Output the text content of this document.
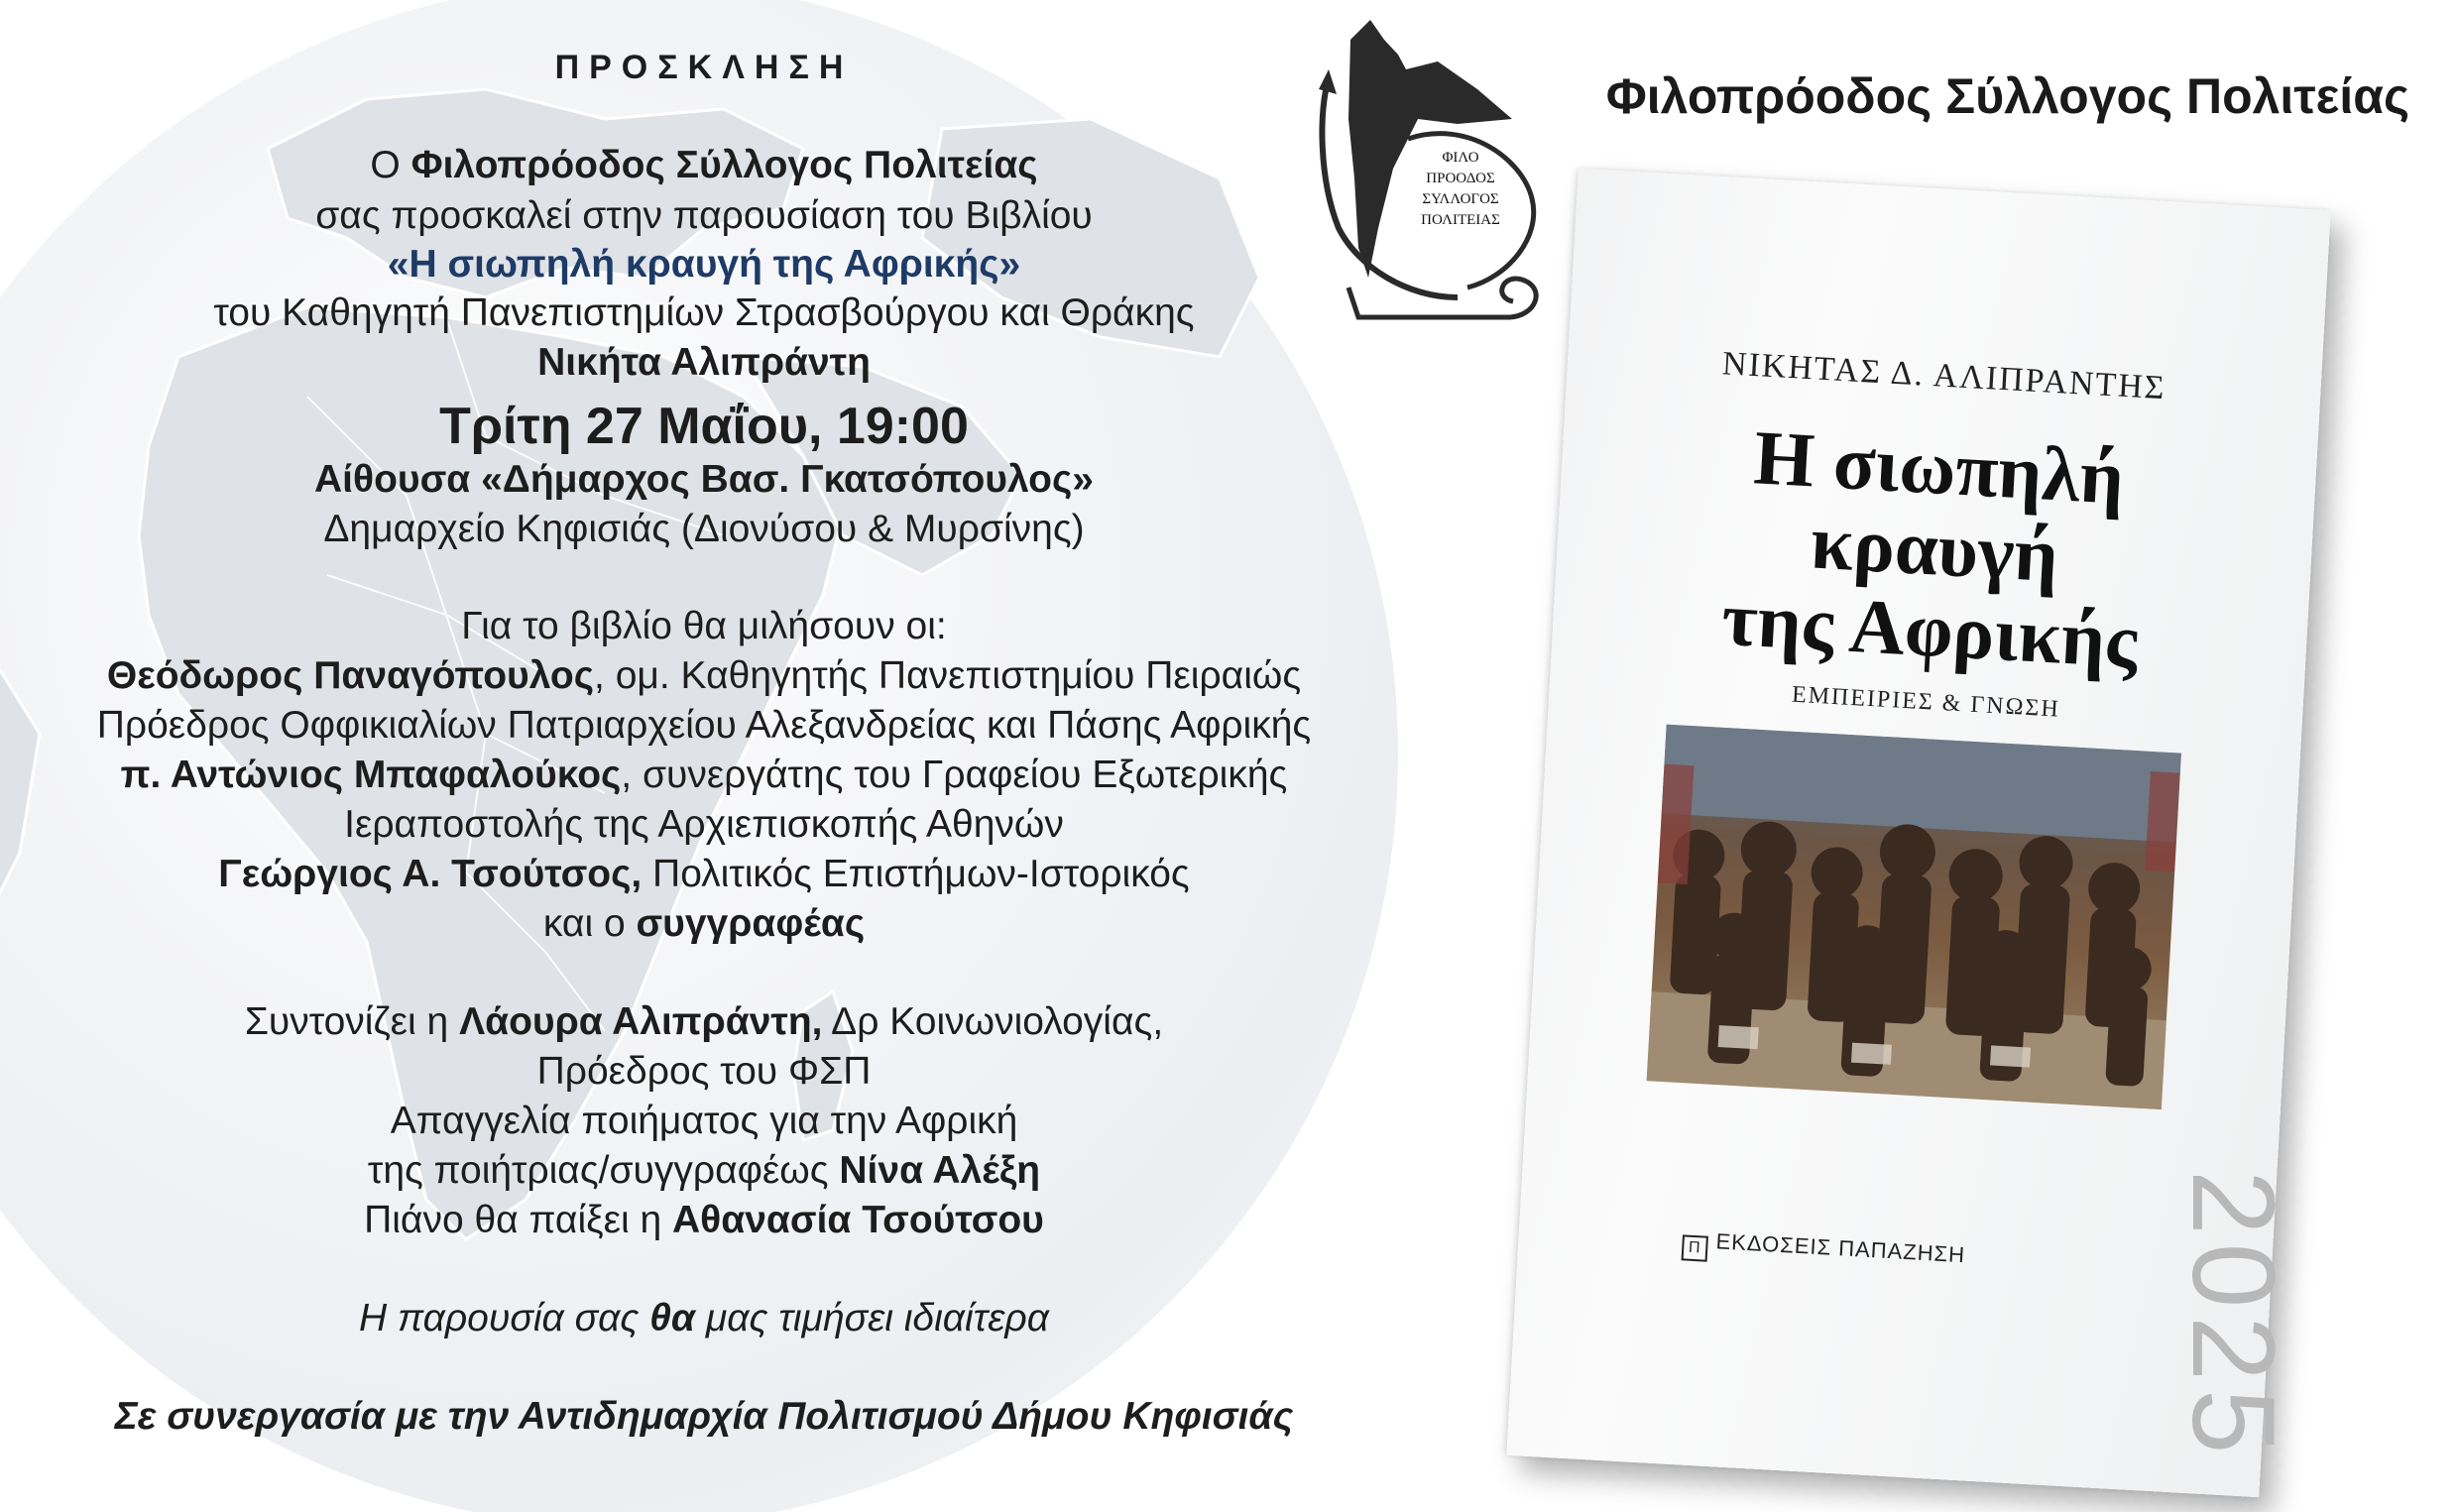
ΠΡΟΣΚΛΗΣΗ
Ο Φιλοπρόοδος Σύλλογος Πολιτείας
σας προσκαλεί στην παρουσίαση του Βιβλίου
«Η σιωπηλή κραυγή της Αφρικής»
του Καθηγητή Πανεπιστημίων Στρασβούργου και Θράκης
Νικήτα Αλιπράντη
Τρίτη 27 Μαΐου, 19:00
Αίθουσα «Δήμαρχος Βασ. Γκατσόπουλος»
Δημαρχείο Κηφισιάς (Διονύσου & Μυρσίνης)
Για το βιβλίο θα μιλήσουν οι:
Θεόδωρος Παναγόπουλος, ομ. Καθηγητής Πανεπιστημίου Πειραιώς
Πρόεδρος Οφφικιαλίων Πατριαρχείου Αλεξανδρείας και Πάσης Αφρικής
π. Αντώνιος Μπαφαλούκος, συνεργάτης του Γραφείου Εξωτερικής
Ιεραποστολής της Αρχιεπισκοπής Αθηνών
Γεώργιος Α. Τσούτσος, Πολιτικός Επιστήμων-Ιστορικός
και ο συγγραφέας
Συντονίζει η Λάουρα Αλιπράντη, Δρ Κοινωνιολογίας,
Πρόεδρος του ΦΣΠ
Απαγγελία ποιήματος για την Αφρική
της ποιήτριας/συγγραφέως Νίνα Αλέξη
Πιάνο θα παίξει η Αθανασία Τσούτσου
Η παρουσία σας θα μας τιμήσει ιδιαίτερα
Σε συνεργασία με την Αντιδημαρχία Πολιτισμού Δήμου Κηφισιάς
ΦΙΛΟ
ΠΡΟΟΔΟΣ
ΣΥΛΛΟΓΟΣ
ΠΟΛΙΤΕΙΑΣ
Φιλοπρόοδος Σύλλογος Πολιτείας
ΝΙΚΗΤΑΣ Δ. ΑΛΙΠΡΑΝΤΗΣ
Η σιωπηλή
κραυγή
της Αφρικής
ΕΜΠΕΙΡΙΕΣ & ΓΝΩΣΗ
Π ΕΚΔΟΣΕΙΣ ΠΑΠΑΖΗΣΗ 2025
